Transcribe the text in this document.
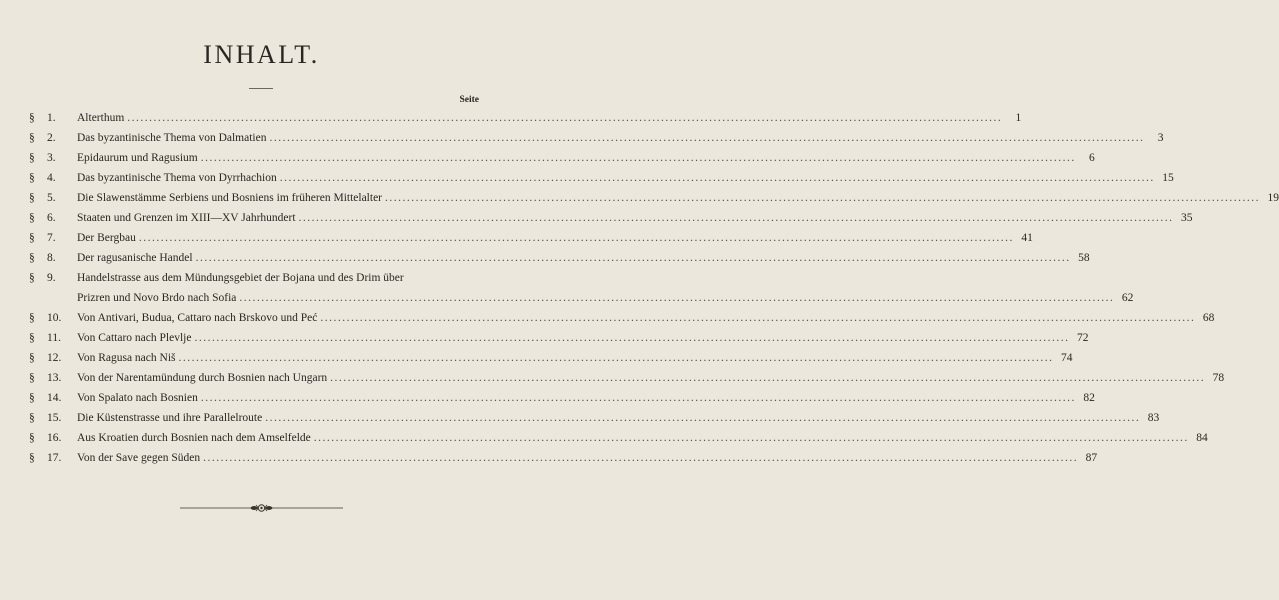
INHALT.
Seite
§	1.	Alterthum ........................................................................................................................................................................................................	1
§	2.	Das byzantinische Thema von Dalmatien ........................................................................................................................................................................................................	3
§	3.	Epidaurum und Ragusium ........................................................................................................................................................................................................	6
§	4.	Das byzantinische Thema von Dyrrhachion ........................................................................................................................................................................................................ 15
§	5.	Die Slawenstämme Serbiens und Bosniens im früheren Mittelalter ........................................................................................................................................................................................................ 19
§	6.	Staaten und Grenzen im XIII—XV Jahrhundert ........................................................................................................................................................................................................ 35
§	7.	Der Bergbau ........................................................................................................................................................................................................ 41
§	8.	Der ragusanische Handel ........................................................................................................................................................................................................ 58
§	9.	Handelstrasse aus dem Mündungsgebiet der Bojana und des Drim über
Prizren und Novo Brdo nach Sofia ........................................................................................................................................................................................................ 62
§	10.	Von Antivari, Budua, Cattaro nach Brskovo und Peć ........................................................................................................................................................................................................ 68
§	11.	Von Cattaro nach Plevlje ........................................................................................................................................................................................................ 72
§	12.	Von Ragusa nach Niš ........................................................................................................................................................................................................ 74
§	13.	Von der Narentamündung durch Bosnien nach Ungarn ........................................................................................................................................................................................................ 78
§	14.	Von Spalato nach Bosnien ........................................................................................................................................................................................................ 82
§	15.	Die Küstenstrasse und ihre Parallelroute ........................................................................................................................................................................................................ 83
§	16.	Aus Kroatien durch Bosnien nach dem Amselfelde ........................................................................................................................................................................................................ 84
§	17.	Von der Save gegen Süden ........................................................................................................................................................................................................ 87
